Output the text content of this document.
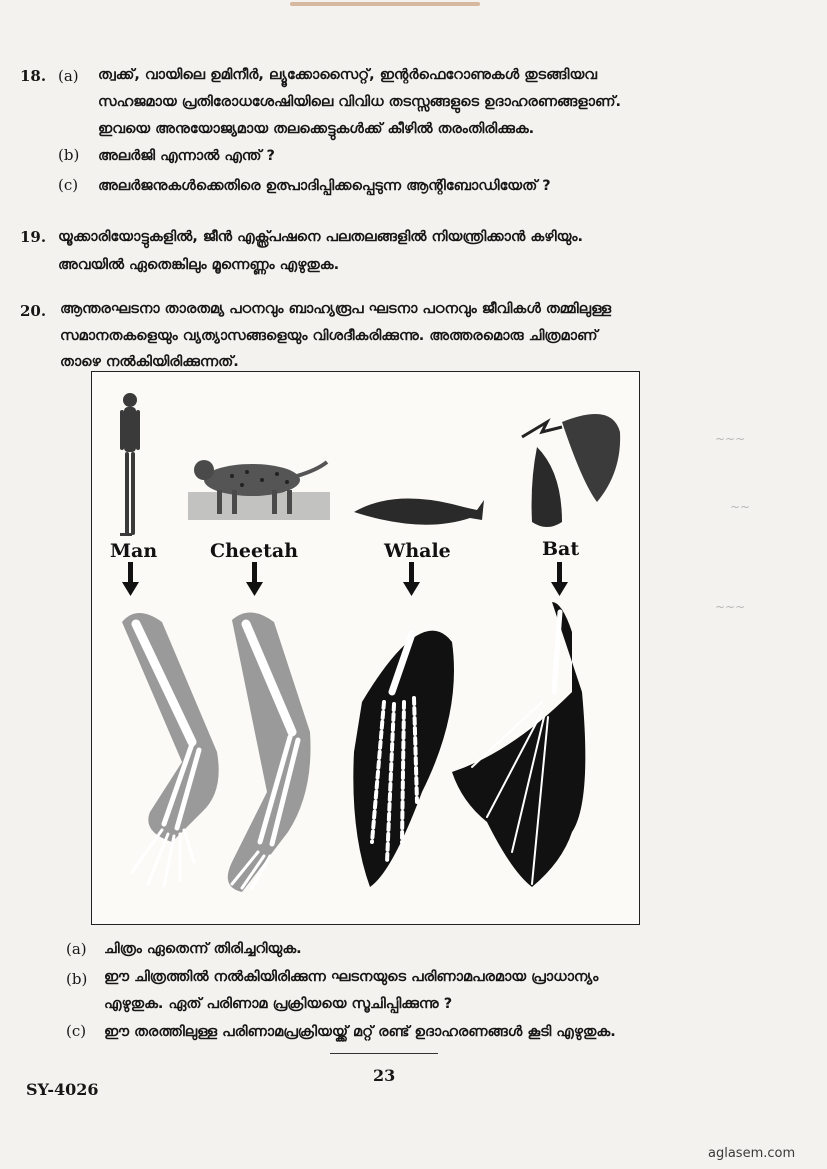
18. (a) ത്വക്ക്, വായിലെ ഉമിനീർ, ല്യൂക്കോസൈറ്റ്, ഇന്റർഫെറോണുകൾ തുടങ്ങിയവ
സഹജമായ പ്രതിരോധശേഷിയിലെ വിവിധ തടസ്സങ്ങളുടെ ഉദാഹരണങ്ങളാണ്.
ഇവയെ അനുയോജ്യമായ തലക്കെട്ടുകൾക്ക് കീഴിൽ തരംതിരിക്കുക.
(b) അലർജി എന്നാൽ എന്ത് ?
(c) അലർജനുകൾക്കെതിരെ ഉത്പാദിപ്പിക്കപ്പെടുന്ന ആന്റിബോഡിയേത് ?
19. യൂക്കാരിയോട്ടുകളിൽ, ജീൻ എക്സ്പ്രഷനെ പലതലങ്ങളിൽ നിയന്ത്രിക്കാൻ കഴിയും.
അവയിൽ ഏതെങ്കിലും മൂന്നെണ്ണം എഴുതുക.
20. ആന്തരഘടനാ താരതമ്യ പഠനവും ബാഹ്യരൂപ ഘടനാ പഠനവും ജീവികൾ തമ്മിലുള്ള
സമാനതകളെയും വ്യത്യാസങ്ങളെയും വിശദീകരിക്കുന്നു. അത്തരമൊരു ചിത്രമാണ്
താഴെ നൽകിയിരിക്കുന്നത്.
~~~
~~
~~~
Man	Cheetah	Whale	Bat
(a) ചിത്രം ഏതെന്ന് തിരിച്ചറിയുക.
(b) ഈ ചിത്രത്തിൽ നൽകിയിരിക്കുന്ന ഘടനയുടെ പരിണാമപരമായ പ്രാധാന്യം
എഴുതുക. ഏത് പരിണാമ പ്രക്രിയയെ സൂചിപ്പിക്കുന്നു ?
(c) ഈ തരത്തിലുള്ള പരിണാമപ്രക്രിയയ്ക്ക് മറ്റ് രണ്ട് ഉദാഹരണങ്ങൾ കൂടി എഴുതുക.
23
SY-4026
aglasem.com
